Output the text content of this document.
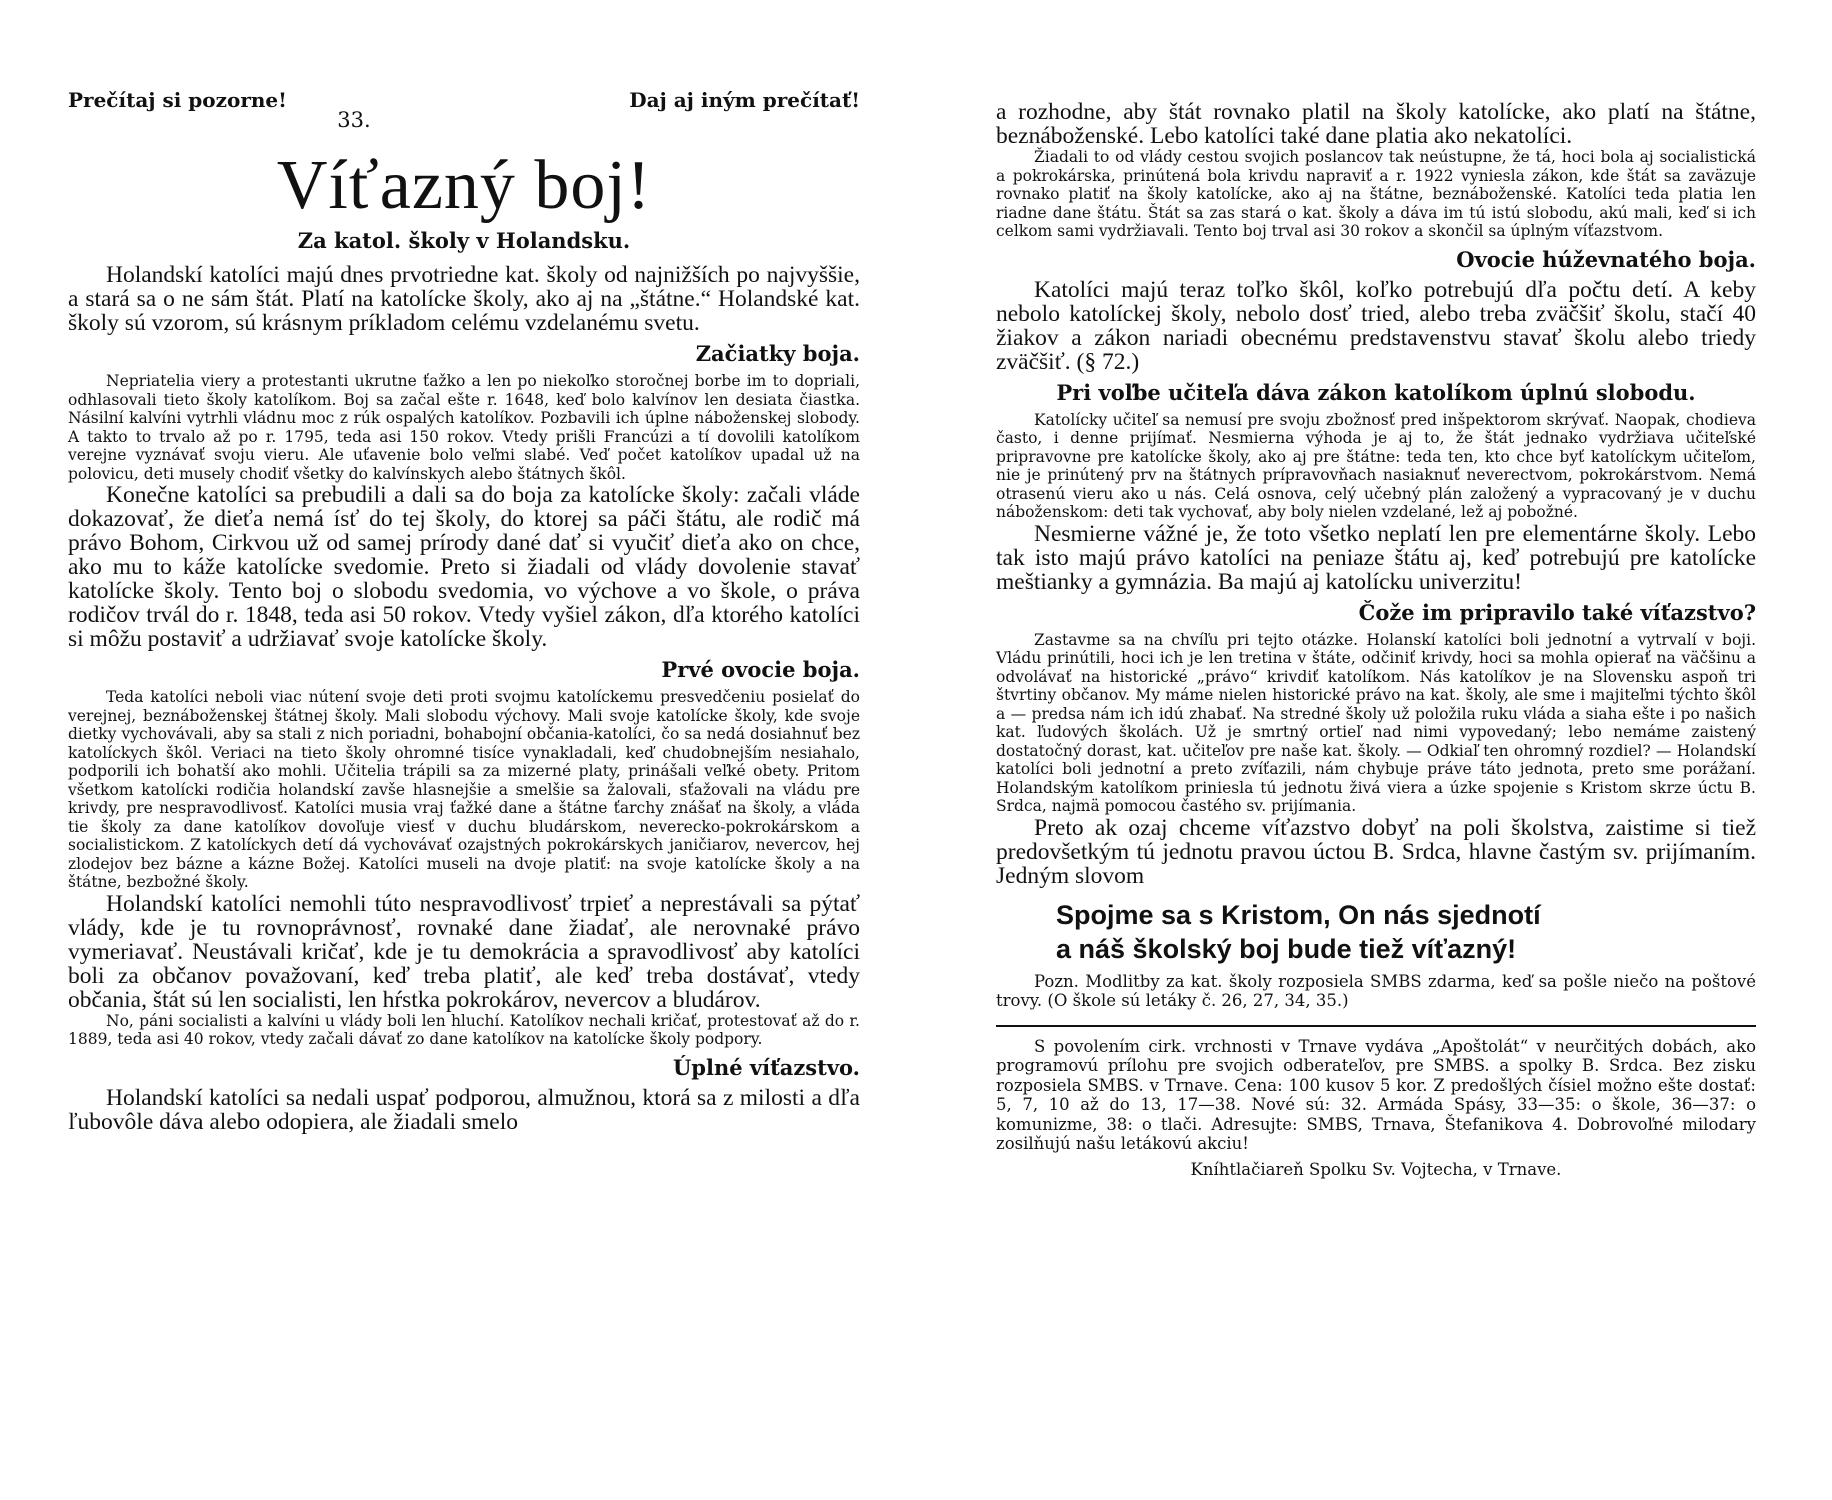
Prečítaj si pozorne!	Daj aj iným prečítať!
33.
Víťazný boj!
Za katol. školy v Holandsku.

Holandskí katolíci majú dnes prvotriedne kat. školy od najnižších po najvyššie, a stará sa o ne sám štát. Platí na katolícke školy, ako aj na „štátne.“ Holandské kat. školy sú vzorom, sú krásnym príkladom celému vzdelanému svetu.

Začiatky boja.

Nepriatelia viery a protestanti ukrutne ťažko a len po niekoľko storočnej borbe im to dopriali, odhlasovali tieto školy katolíkom. Boj sa začal ešte r. 1648, keď bolo kalvínov len desiata čiastka. Násilní kalvíni vytrhli vládnu moc z rúk ospalých katolíkov. Pozbavili ich úplne náboženskej slobody. A takto to trvalo až po r. 1795, teda asi 150 rokov. Vtedy prišli Francúzi a tí dovolili katolíkom verejne vyznávať svoju vieru. Ale uťavenie bolo veľmi slabé. Veď počet katolíkov upadal už na polovicu, deti musely chodiť všetky do kalvínskych alebo štátnych škôl.

Konečne katolíci sa prebudili a dali sa do boja za katolícke školy: začali vláde dokazovať, že dieťa nemá ísť do tej školy, do ktorej sa páči štátu, ale rodič má právo Bohom, Cirkvou už od samej prírody dané dať si vyučiť dieťa ako on chce, ako mu to káže katolícke svedomie. Preto si žiadali od vlády dovolenie stavať katolícke školy. Tento boj o slobodu svedomia, vo výchove a vo škole, o práva rodičov trvál do r. 1848, teda asi 50 rokov. Vtedy vyšiel zákon, dľa ktorého katolíci si môžu postaviť a udržiavať svoje katolícke školy.

Prvé ovocie boja.

Teda katolíci neboli viac nútení svoje deti proti svojmu katolíckemu presvedčeniu posielať do verejnej, beznáboženskej štátnej školy. Mali slobodu výchovy. Mali svoje katolícke školy, kde svoje dietky vychovávali, aby sa stali z nich poriadni, bohabojní občania-katolíci, čo sa nedá dosiahnuť bez katolíckych škôl. Veriaci na tieto školy ohromné tisíce vynakladali, keď chudobnejším nesiahalo, podporili ich bohatší ako mohli. Učitelia trápili sa za mizerné platy, prinášali veľké obety. Pritom všetkom katolícki rodičia holandskí zavše hlasnejšie a smelšie sa žalovali, sťažovali na vládu pre krivdy, pre nespravodlivosť. Katolíci musia vraj ťažké dane a štátne ťarchy znášať na školy, a vláda tie školy za dane katolíkov dovoľuje viesť v duchu bludárskom, neverecko-pokrokárskom a socialistickom. Z katolíckych detí dá vychovávať ozajstných pokrokárskych janičiarov, nevercov, hej zlodejov bez bázne a kázne Božej. Katolíci museli na dvoje platiť: na svoje katolícke školy a na štátne, bezbožné školy.

Holandskí katolíci nemohli túto nespravodlivosť trpieť a neprestávali sa pýtať vlády, kde je tu rovnoprávnosť, rovnaké dane žiadať, ale nerovnaké právo vymeriavať. Neustávali kričať, kde je tu demokrácia a spravodlivosť aby katolíci boli za občanov považovaní, keď treba platiť, ale keď treba dostávať, vtedy občania, štát sú len socialisti, len hŕstka pokrokárov, nevercov a bludárov.

No, páni socialisti a kalvíni u vlády boli len hluchí. Katolíkov nechali kričať, protestovať až do r. 1889, teda asi 40 rokov, vtedy začali dávať zo dane katolíkov na katolícke školy podpory.

Úplné víťazstvo.

Holandskí katolíci sa nedali uspať podporou, almužnou, ktorá sa z milosti a dľa ľubovôle dáva alebo odopiera, ale žiadali smelo

a rozhodne, aby štát rovnako platil na školy katolícke, ako platí na štátne, beznáboženské. Lebo katolíci také dane platia ako nekatolíci.

Žiadali to od vlády cestou svojich poslancov tak neústupne, že tá, hoci bola aj socialistická a pokrokárska, prinútená bola krivdu napraviť a r. 1922 vyniesla zákon, kde štát sa zaväzuje rovnako platiť na školy katolícke, ako aj na štátne, beznáboženské. Katolíci teda platia len riadne dane štátu. Štát sa zas stará o kat. školy a dáva im tú istú slobodu, akú mali, keď si ich celkom sami vydržiavali. Tento boj trval asi 30 rokov a skončil sa úplným víťazstvom.

Ovocie húževnatého boja.

Katolíci majú teraz toľko škôl, koľko potrebujú dľa počtu detí. A keby nebolo katolíckej školy, nebolo dosť tried, alebo treba zväčšiť školu, stačí 40 žiakov a zákon nariadi obecnému predstavenstvu stavať školu alebo triedy zväčšiť. (§ 72.)

Pri voľbe učiteľa dáva zákon katolíkom úplnú slobodu.

Katolícky učiteľ sa nemusí pre svoju zbožnosť pred inšpektorom skrývať. Naopak, chodieva často, i denne prijímať. Nesmierna výhoda je aj to, že štát jednako vydržiava učiteľské pripravovne pre katolícke školy, ako aj pre štátne: teda ten, kto chce byť katolíckym učiteľom, nie je prinútený prv na štátnych prípravovňach nasiaknuť neverectvom, pokrokárstvom. Nemá otrasenú vieru ako u nás. Celá osnova, celý učebný plán založený a vypracovaný je v duchu náboženskom: deti tak vychovať, aby boly nielen vzdelané, lež aj pobožné.

Nesmierne vážné je, že toto všetko neplatí len pre elementárne školy. Lebo tak isto majú právo katolíci na peniaze štátu aj, keď potrebujú pre katolícke meštianky a gymnázia. Ba majú aj katolícku univerzitu!

Čože im pripravilo také víťazstvo?

Zastavme sa na chvíľu pri tejto otázke. Holanskí katolíci boli jednotní a vytrvalí v boji. Vládu prinútili, hoci ich je len tretina v štáte, odčiniť krivdy, hoci sa mohla opierať na väčšinu a odvolávať na historické „právo“ krivdiť katolíkom. Nás katolíkov je na Slovensku aspoň tri štvrtiny občanov. My máme nielen historické právo na kat. školy, ale sme i majiteľmi týchto škôl a — predsa nám ich idú zhabať. Na stredné školy už položila ruku vláda a siaha ešte i po našich kat. ľudových školách. Už je smrtný ortieľ nad nimi vypovedaný; lebo nemáme zaistený dostatočný dorast, kat. učiteľov pre naše kat. školy. — Odkiaľ ten ohromný rozdiel? — Holandskí katolíci boli jednotní a preto zvíťazili, nám chybuje práve táto jednota, preto sme porážaní. Holandským katolíkom priniesla tú jednotu živá viera a úzke spojenie s Kristom skrze úctu B. Srdca, najmä pomocou častého sv. prijímania.

Preto ak ozaj chceme víťazstvo dobyť na poli školstva, zaistime si tiež predovšetkým tú jednotu pravou úctou B. Srdca, hlavne častým sv. prijímaním. Jedným slovom

Spojme sa s Kristom, On nás sjednotí
a náš školský boj bude tiež víťazný!

Pozn. Modlitby za kat. školy rozposiela SMBS zdarma, keď sa pošle niečo na poštové trovy. (O škole sú letáky č. 26, 27, 34, 35.)

S povolením cirk. vrchnosti v Trnave vydáva „Apoštolát“ v neurčitých dobách, ako programovú prílohu pre svojich odberateľov, pre SMBS. a spolky B. Srdca. Bez zisku rozposiela SMBS. v Trnave. Cena: 100 kusov 5 kor. Z predošlých čísiel možno ešte dostať: 5, 7, 10 až do 13, 17—38. Nové sú: 32. Armáda Spásy, 33—35: o škole, 36—37: o komunizme, 38: o tlači. Adresujte: SMBS, Trnava, Štefanikova 4. Dobrovoľné milodary zosilňujú našu letákovú akciu!

Kníhtlačiareň Spolku Sv. Vojtecha, v Trnave.
